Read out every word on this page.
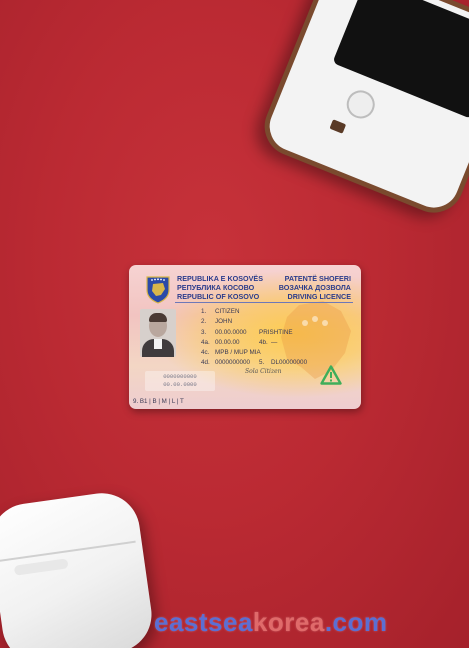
REPUBLIKA E KOSOVËS
РЕПУБЛИКА КОСОВО
REPUBLIC OF KOSOVO
PATENTË SHOFERI
ВОЗАЧКА ДОЗВОЛА
DRIVING LICENCE
1. CITIZEN
2. JOHN
3. 00.00.0000 PRISHTINE
4a. 00.00.00	4b. —
4c. MPB / MUP MIA
4d. 0000000000 5. DL00000000
0000000000
00.00.0000
Sola Citizen
9. B1 | B | M | L | T
eastseakorea.com
